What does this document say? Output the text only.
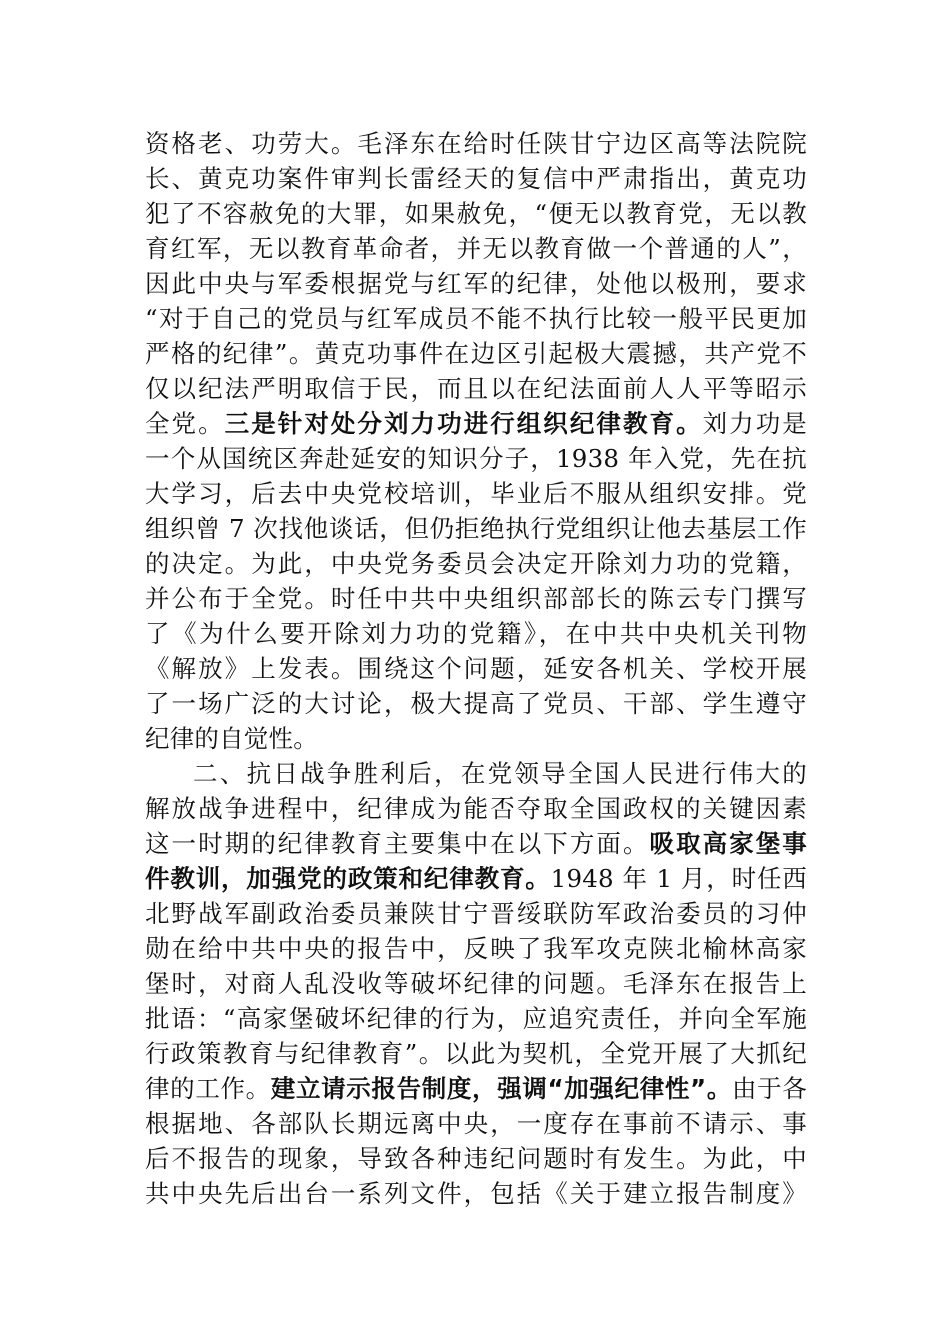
资格老、功劳大。毛泽东在给时任陕甘宁边区高等法院院
长、黄克功案件审判长雷经天的复信中严肃指出，黄克功
犯了不容赦免的大罪，如果赦免，“便无以教育党，无以教
育红军，无以教育革命者，并无以教育做一个普通的人”，
因此中央与军委根据党与红军的纪律，处他以极刑，要求
“对于自己的党员与红军成员不能不执行比较一般平民更加
严格的纪律”。黄克功事件在边区引起极大震撼，共产党不
仅以纪法严明取信于民，而且以在纪法面前人人平等昭示
全党。三是针对处分刘力功进行组织纪律教育。刘力功是
一个从国统区奔赴延安的知识分子，1938 年入党，先在抗
大学习，后去中央党校培训，毕业后不服从组织安排。党
组织曾 7 次找他谈话，但仍拒绝执行党组织让他去基层工作
的决定。为此，中央党务委员会决定开除刘力功的党籍，
并公布于全党。时任中共中央组织部部长的陈云专门撰写
了《为什么要开除刘力功的党籍》，在中共中央机关刊物
《解放》上发表。围绕这个问题，延安各机关、学校开展
了一场广泛的大讨论，极大提高了党员、干部、学生遵守
纪律的自觉性。
二、抗日战争胜利后，在党领导全国人民进行伟大的
解放战争进程中，纪律成为能否夺取全国政权的关键因素
这一时期的纪律教育主要集中在以下方面。吸取高家堡事
件教训，加强党的政策和纪律教育。1948 年 1 月，时任西
北野战军副政治委员兼陕甘宁晋绥联防军政治委员的习仲
勋在给中共中央的报告中，反映了我军攻克陕北榆林高家
堡时，对商人乱没收等破坏纪律的问题。毛泽东在报告上
批语：“高家堡破坏纪律的行为，应追究责任，并向全军施
行政策教育与纪律教育”。以此为契机，全党开展了大抓纪
律的工作。建立请示报告制度，强调“加强纪律性”。由于各
根据地、各部队长期远离中央，一度存在事前不请示、事
后不报告的现象，导致各种违纪问题时有发生。为此，中
共中央先后出台一系列文件，包括《关于建立报告制度》
